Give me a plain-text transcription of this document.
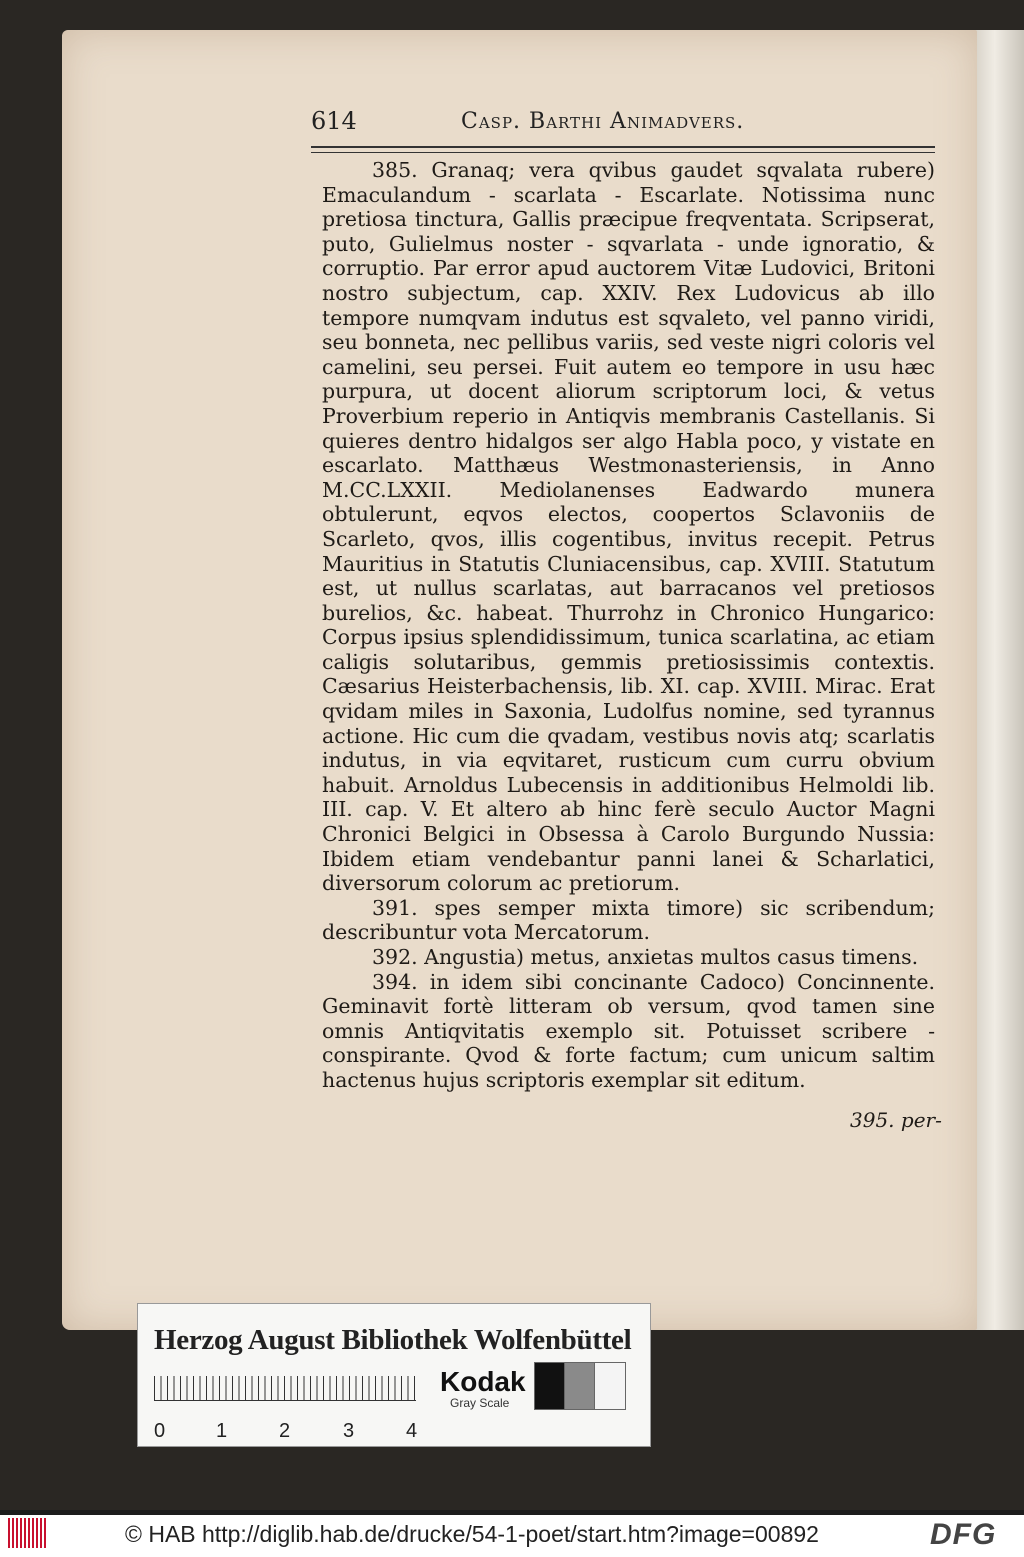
614	Casp. Barthi Animadvers.

385. Granaq; vera qvibus gaudet sqvalata rubere) Emaculandum - scarlata - Escarlate. Notissima nunc pretiosa tinctura, Gallis præcipue freqventata. Scripserat, puto, Gulielmus noster - sqvarlata - unde ignoratio, & corruptio. Par error apud auctorem Vitæ Ludovici, Britoni nostro subjectum, cap. XXIV. Rex Ludovicus ab illo tempore numqvam indutus est sqvaleto, vel panno viridi, seu bonneta, nec pellibus variis, sed veste nigri coloris vel camelini, seu persei. Fuit autem eo tempore in usu hæc purpura, ut docent aliorum scriptorum loci, & vetus Proverbium reperio in Antiqvis membranis Castellanis. Si quieres dentro hidalgos ser algo Habla poco, y vistate en escarlato. Matthæus Westmonasteriensis, in Anno M.CC.LXXII. Mediolanenses Eadwardo munera obtulerunt, eqvos electos, coopertos Sclavoniis de Scarleto, qvos, illis cogentibus, invitus recepit. Petrus Mauritius in Statutis Cluniacensibus, cap. XVIII. Statutum est, ut nullus scarlatas, aut barracanos vel pretiosos burelios, &c. habeat. Thurrohz in Chronico Hungarico: Corpus ipsius splendidissimum, tunica scarlatina, ac etiam caligis solutaribus, gemmis pretiosissimis contextis. Cæsarius Heisterbachensis, lib. XI. cap. XVIII. Mirac. Erat qvidam miles in Saxonia, Ludolfus nomine, sed tyrannus actione. Hic cum die qvadam, vestibus novis atq; scarlatis indutus, in via eqvitaret, rusticum cum curru obvium habuit. Arnoldus Lubecensis in additionibus Helmoldi lib. III. cap. V. Et altero ab hinc ferè seculo Auctor Magni Chronici Belgici in Obsessa à Carolo Burgundo Nussia: Ibidem etiam vendebantur panni lanei & Scharlatici, diversorum colorum ac pretiorum.

391. spes semper mixta timore) sic scribendum; describuntur vota Mercatorum.

392. Angustia) metus, anxietas multos casus timens.

394. in idem sibi concinante Cadoco) Concinnente. Geminavit fortè litteram ob versum, qvod tamen sine omnis Antiqvitatis exemplo sit. Potuisset scribere - conspirante. Qvod & forte factum; cum unicum saltim hactenus hujus scriptoris exemplar sit editum.

395. per-
Herzog August Bibliothek Wolfenbüttel
0	1	2	3	4
Kodak
Gray Scale
© HAB http://diglib.hab.de/drucke/54-1-poet/start.htm?image=00892	DFG
